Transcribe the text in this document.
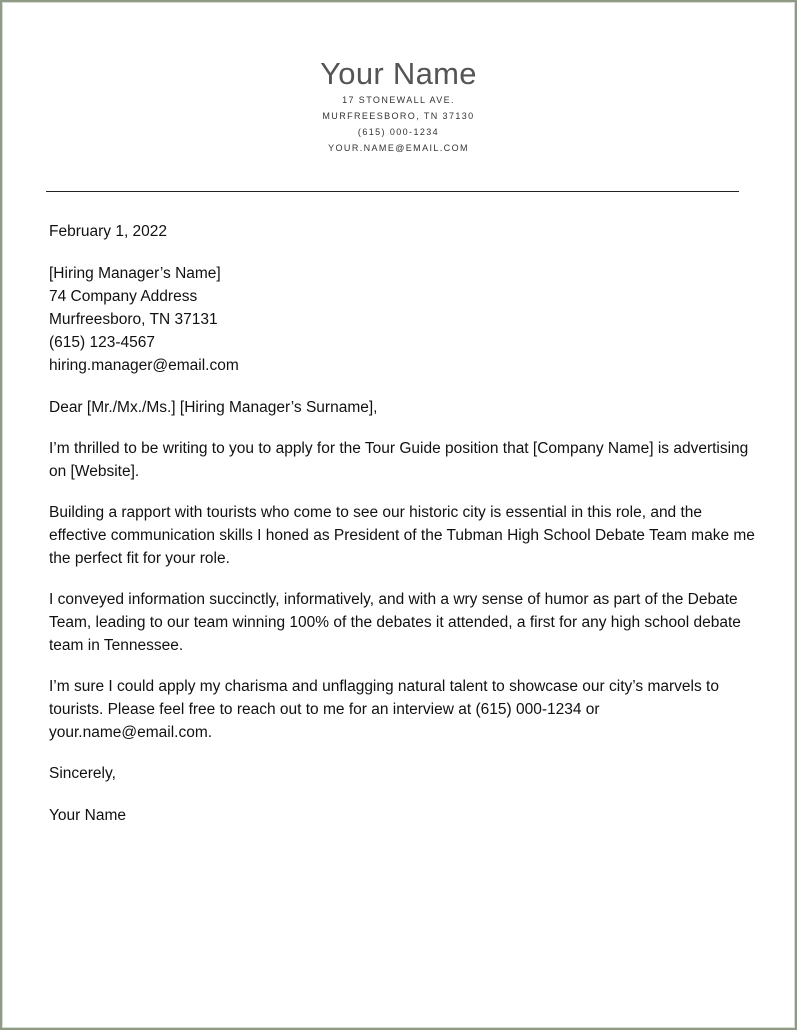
Your Name
17 STONEWALL AVE.
MURFREESBORO, TN 37130
(615) 000-1234
YOUR.NAME@EMAIL.COM

February 1, 2022

[Hiring Manager’s Name]
74 Company Address
Murfreesboro, TN 37131
(615) 123-4567
hiring.manager@email.com

Dear [Mr./Mx./Ms.] [Hiring Manager’s Surname],

I’m thrilled to be writing to you to apply for the Tour Guide position that [Company Name] is advertising on [Website].

Building a rapport with tourists who come to see our historic city is essential in this role, and the effective communication skills I honed as President of the Tubman High School Debate Team make me the perfect fit for your role.

I conveyed information succinctly, informatively, and with a wry sense of humor as part of the Debate Team, leading to our team winning 100% of the debates it attended, a first for any high school debate team in Tennessee.

I’m sure I could apply my charisma and unflagging natural talent to showcase our city’s marvels to tourists. Please feel free to reach out to me for an interview at (615) 000-1234 or your.name@email.com.

Sincerely,

Your Name
